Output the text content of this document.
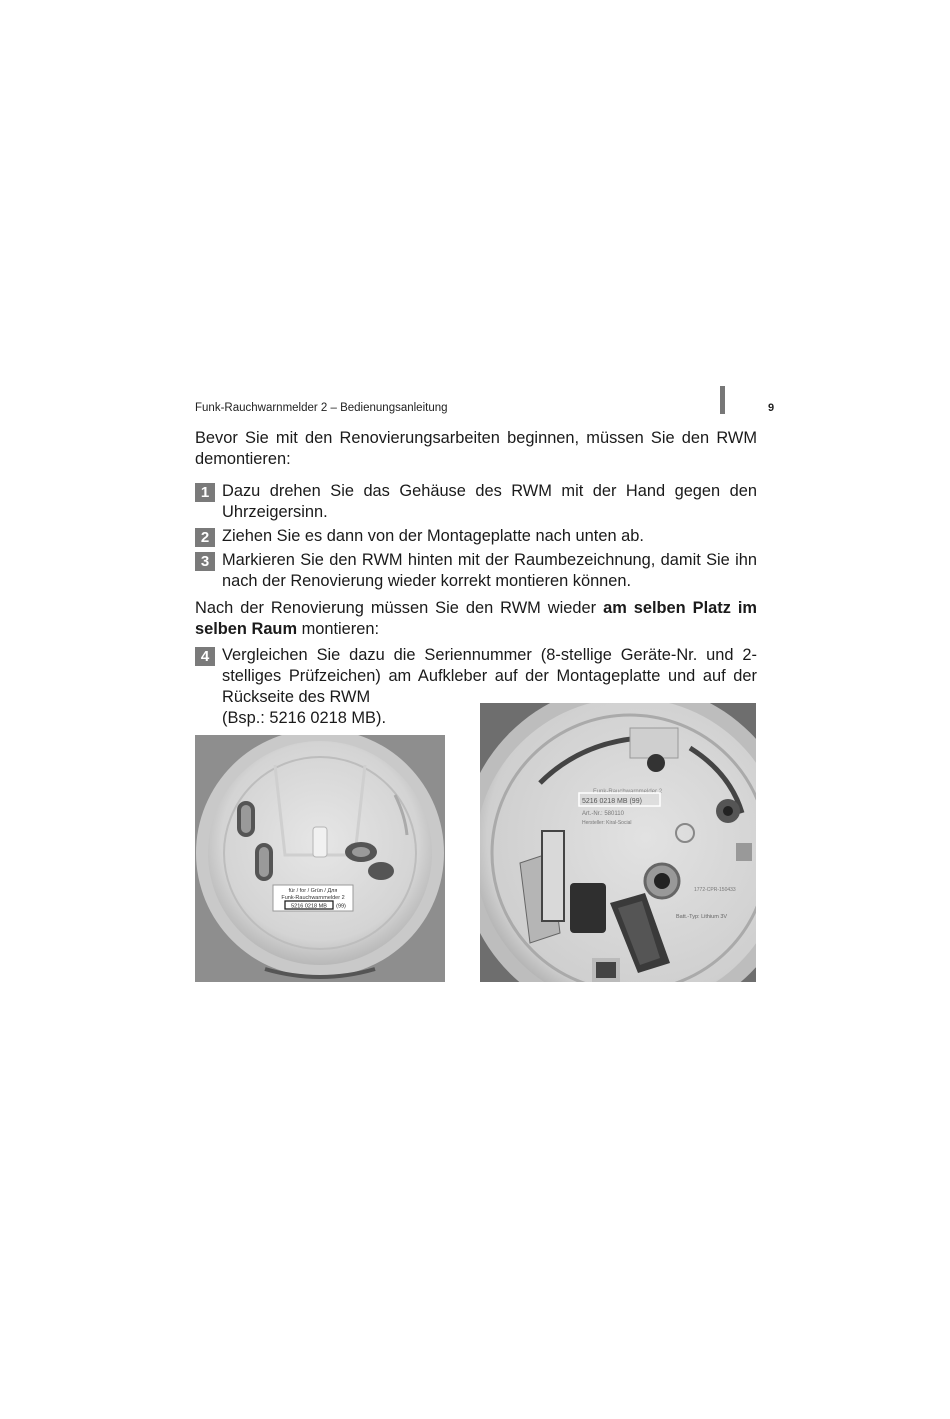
Funk-Rauchwarnmelder 2 – Bedienungsanleitung	9

Bevor Sie mit den Renovierungsarbeiten beginnen, müssen Sie den RWM demontieren:

1 Dazu drehen Sie das Gehäuse des RWM mit der Hand gegen den Uhrzeigersinn.
2 Ziehen Sie es dann von der Montageplatte nach unten ab.
3 Markieren Sie den RWM hinten mit der Raumbezeichnung, damit Sie ihn nach der Renovierung wieder korrekt montieren können.

Nach der Renovierung müssen Sie den RWM wieder am selben Platz im selben Raum montieren:

4 Vergleichen Sie dazu die Seriennummer (8-stellige Geräte-Nr. und 2-stelliges Prüfzeichen) am Aufkleber auf der Montageplatte und auf der Rückseite des RWM
(Bsp.: 5216 0218 MB).
für / for / Grün / Для
Funk-Rauchwarnmelder 2
5216 0218 MB (99)
Funk-Rauchwarnmelder 2
5216 0218 MB (99)
Art.-Nr.: 580110
Hersteller: Kiral-Social
1772-CPR-150433
Batt.-Typ: Lithium 3V
